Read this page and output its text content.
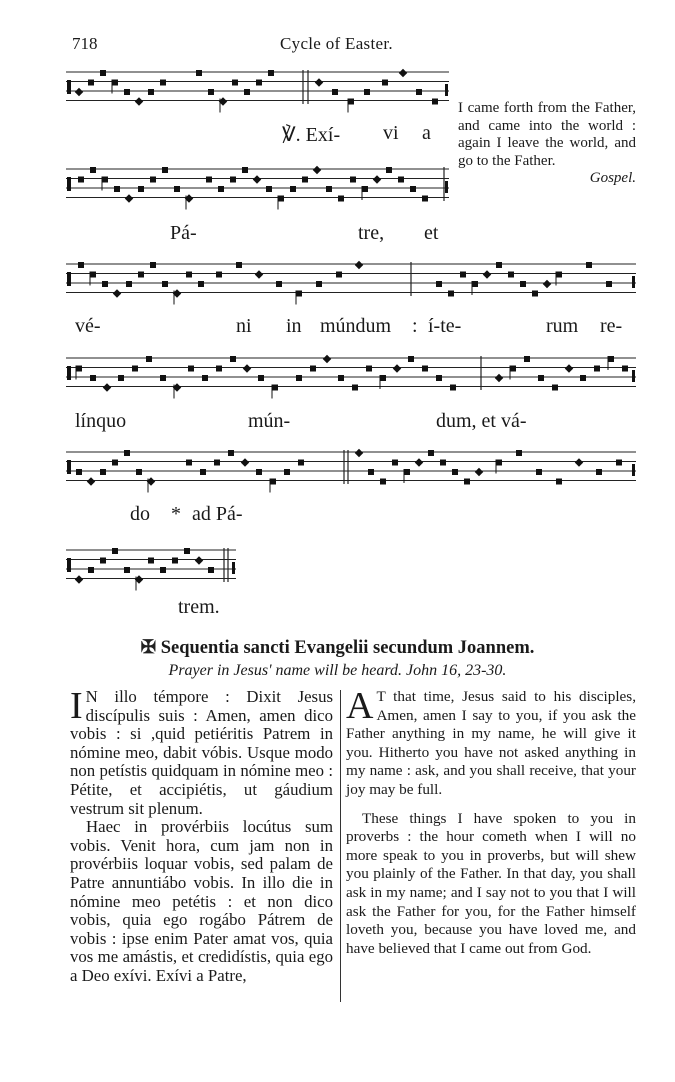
718	Cycle of Easter.
℣. Exí- vi a
Pá-	tre, et
vé-	ni in múndum : í-te-	rum re-
línquo	mún-	dum, et vá-
do * ad Pá-
trem.
I came forth from the Father, and came into the world : again I leave the world, and go to the Father.
Gospel.
✠ Sequentia sancti Evangelii secundum Joannem.
Prayer in Jesus' name will be heard. John 16, 23-30.

I N illo témpore : Dixit Jesus discípulis suis : Amen, amen dico vobis : si ,quid petiéritis Patrem in nómine meo, dabit vóbis. Usque modo non petístis quidquam in nómine meo : Pétite, et accipiétis, ut gáudium vestrum sit plenum.

Haec in provérbiis locútus sum vobis. Venit hora, cum jam non in provérbiis loquar vobis, sed palam de Patre annuntiábo vobis. In illo die in nómine meo petétis : et non dico vobis, quia ego rogábo Pátrem de vobis : ipse enim Pater amat vos, quia vos me amástis, et credidístis, quia ego a Deo exívi. Exívi a Patre,

A T that time, Jesus said to his disciples, Amen, amen I say to you, if you ask the Father anything in my name, he will give it you. Hitherto you have not asked anything in my name : ask, and you shall receive, that your joy may be full.

These things I have spoken to you in proverbs : the hour cometh when I will no more speak to you in proverbs, but will shew you plainly of the Father. In that day, you shall ask in my name; and I say not to you that I will ask the Father for you, for the Father himself loveth you, because you have loved me, and have believed that I came out from God.
